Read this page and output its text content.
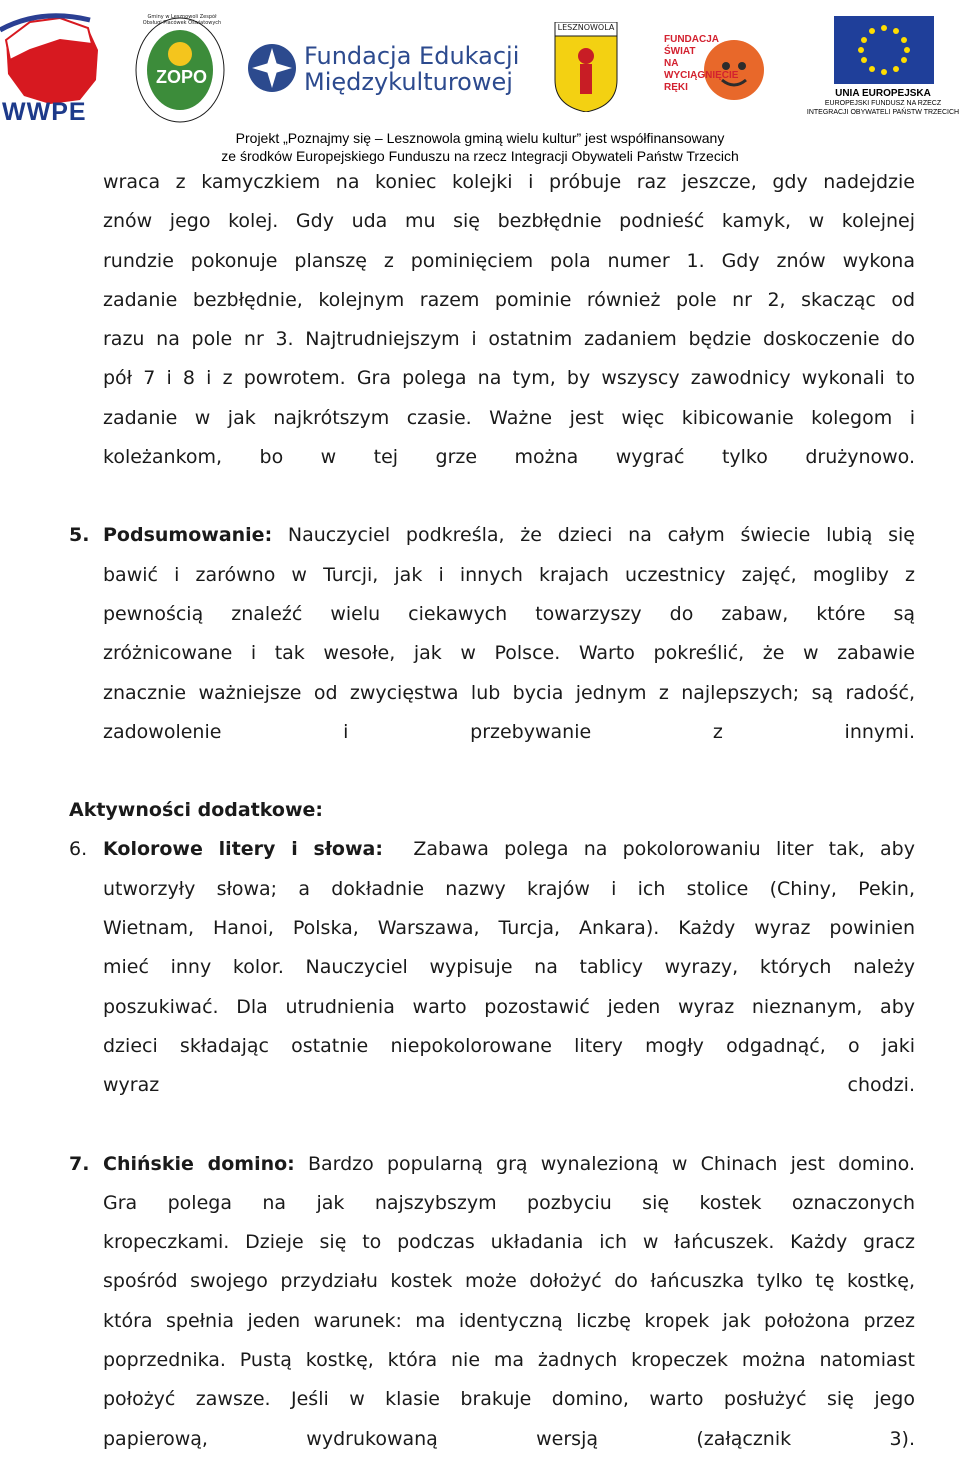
WWPE
ZOPO
Gminy w Lesznowoli Zespół Obsługi Placówek Oświatowych
Fundacja Edukacji
Międzykulturowej
LESZNOWOLA
FUNDACJA
ŚWIAT
NA
WYCIĄGNIĘCIE
RĘKI
UNIA EUROPEJSKA
EUROPEJSKI FUNDUSZ NA RZECZ
INTEGRACJI OBYWATELI PAŃSTW TRZECICH
Projekt „Poznajmy się – Lesznowola gminą wielu kultur” jest współfinansowany
ze środków Europejskiego Funduszu na rzecz Integracji Obywateli Państw Trzecich
wraca z kamyczkiem na koniec kolejki i próbuje raz jeszcze, gdy nadejdzie
znów jego kolej. Gdy uda mu się bezbłędnie podnieść kamyk, w kolejnej
rundzie pokonuje planszę z pominięciem pola numer 1. Gdy znów wykona
zadanie bezbłędnie, kolejnym razem pominie również pole nr 2, skacząc od
razu na pole nr 3. Najtrudniejszym i ostatnim zadaniem będzie doskoczenie do
pół 7 i 8 i z powrotem. Gra polega na tym, by wszyscy zawodnicy wykonali to
zadanie w jak najkrótszym czasie. Ważne jest więc kibicowanie kolegom i
koleżankom, bo w tej grze można wygrać tylko drużynowo.
5. Podsumowanie: Nauczyciel podkreśla, że dzieci na całym świecie lubią się
bawić i zarówno w Turcji, jak i innych krajach uczestnicy zajęć, mogliby z
pewnością znaleźć wielu ciekawych towarzyszy do zabaw, które są
zróżnicowane i tak wesołe, jak w Polsce. Warto pokreślić, że w zabawie
znacznie ważniejsze od zwycięstwa lub bycia jednym z najlepszych; są radość,
zadowolenie i przebywanie z innymi.
Aktywności dodatkowe:
6. Kolorowe litery i słowa:  Zabawa polega na pokolorowaniu liter tak, aby
utworzyły słowa; a dokładnie nazwy krajów i ich stolice (Chiny, Pekin,
Wietnam, Hanoi, Polska, Warszawa, Turcja, Ankara). Każdy wyraz powinien
mieć inny kolor. Nauczyciel wypisuje na tablicy wyrazy, których należy
poszukiwać. Dla utrudnienia warto pozostawić jeden wyraz nieznanym, aby
dzieci składając ostatnie niepokolorowane litery mogły odgadnąć, o jaki
wyraz chodzi.
7. Chińskie domino: Bardzo popularną grą wynalezioną w Chinach jest domino.
Gra polega na jak najszybszym pozbyciu się kostek oznaczonych
kropeczkami. Dzieje się to podczas układania ich w łańcuszek. Każdy gracz
spośród swojego przydziału kostek może dołożyć do łańcuszka tylko tę kostkę,
która spełnia jeden warunek: ma identyczną liczbę kropek jak położona przez
poprzednika. Pustą kostkę, która nie ma żadnych kropeczek można natomiast
położyć zawsze. Jeśli w klasie brakuje domino, warto posłużyć się jego
papierową, wydrukowaną wersją (załącznik 3).
